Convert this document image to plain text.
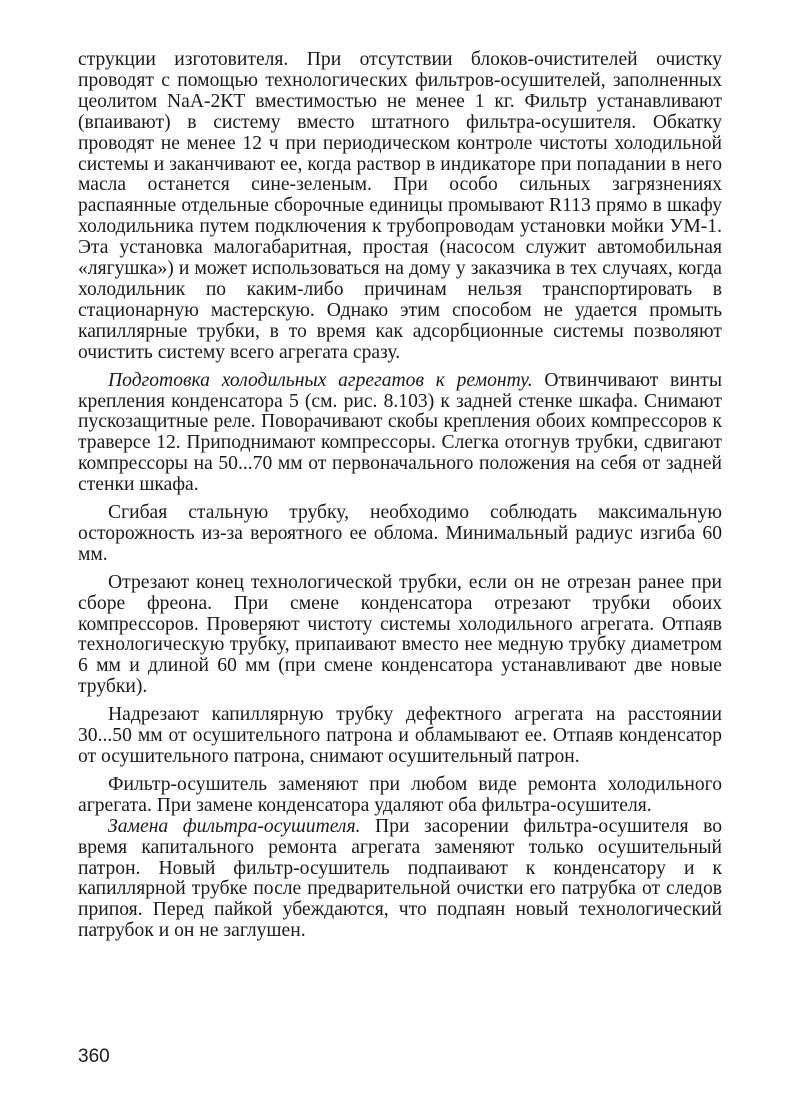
струкции изготовителя. При отсутствии блоков-очистителей очистку проводят с помощью технологических фильтров-осушителей, заполненных цеолитом NaA-2КТ вместимостью не менее 1 кг. Фильтр устанавливают (впаивают) в систему вместо штатного фильтра-осушителя. Обкатку проводят не менее 12 ч при периодическом контроле чистоты холодильной системы и заканчивают ее, когда раствор в индикаторе при попадании в него масла останется сине-зеленым. При особо сильных загрязнениях распаянные отдельные сборочные единицы промывают R113 прямо в шкафу холодильника путем подключения к трубопроводам установки мойки УМ-1. Эта установка малогабаритная, простая (насосом служит автомобильная «лягушка») и может использоваться на дому у заказчика в тех случаях, когда холодильник по каким-либо причинам нельзя транспортировать в стационарную мастерскую. Однако этим способом не удается промыть капиллярные трубки, в то время как адсорбционные системы позволяют очистить систему всего агрегата сразу.

Подготовка холодильных агрегатов к ремонту. Отвинчивают винты крепления конденсатора 5 (см. рис. 8.103) к задней стенке шкафа. Снимают пускозащитные реле. Поворачивают скобы крепления обоих компрессоров к траверсе 12. Приподнимают компрессоры. Слегка отогнув трубки, сдвигают компрессоры на 50...70 мм от первоначального положения на себя от задней стенки шкафа.

Сгибая стальную трубку, необходимо соблюдать максимальную осторожность из-за вероятного ее облома. Минимальный радиус изгиба 60 мм.

Отрезают конец технологической трубки, если он не отрезан ранее при сборе фреона. При смене конденсатора отрезают трубки обоих компрессоров. Проверяют чистоту системы холодильного агрегата. Отпаяв технологическую трубку, припаивают вместо нее медную трубку диаметром 6 мм и длиной 60 мм (при смене конденсатора устанавливают две новые трубки).

Надрезают капиллярную трубку дефектного агрегата на расстоянии 30...50 мм от осушительного патрона и обламывают ее. Отпаяв конденсатор от осушительного патрона, снимают осушительный патрон.

Фильтр-осушитель заменяют при любом виде ремонта холодильного агрегата. При замене конденсатора удаляют оба фильтра-осушителя.

Замена фильтра-осушителя. При засорении фильтра-осушителя во время капитального ремонта агрегата заменяют только осушительный патрон. Новый фильтр-осушитель подпаивают к конденсатору и к капиллярной трубке после предварительной очистки его патрубка от следов припоя. Перед пайкой убеждаются, что подпаян новый технологический патрубок и он не заглушен.

360
